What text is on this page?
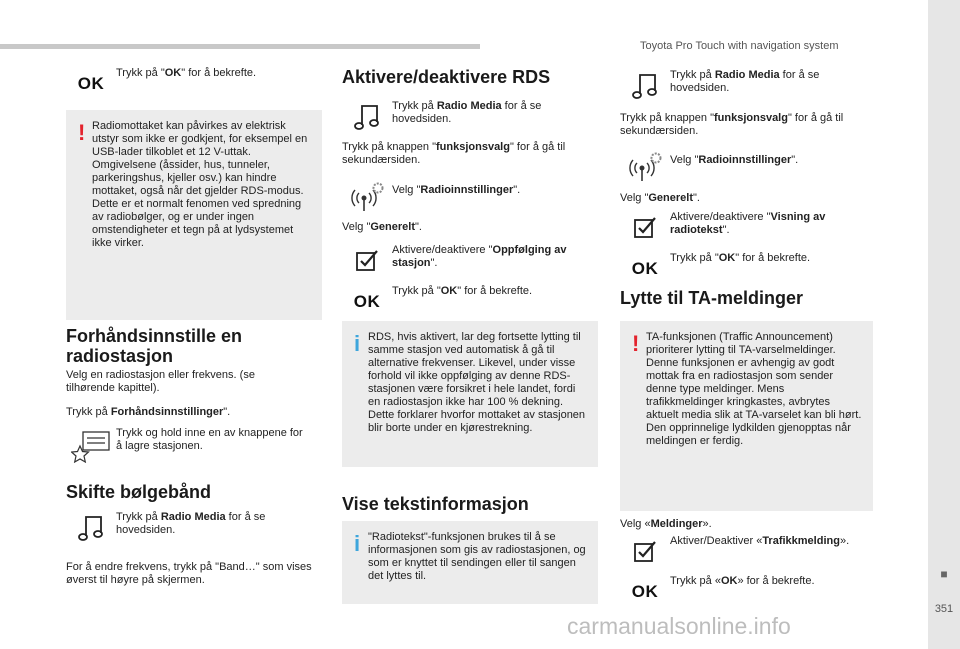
Toyota Pro Touch with navigation system
■
351
carmanualsonline.info
OK
Trykk på "OK" for å bekrefte.
! Radiomottaket kan påvirkes av elektrisk utstyr som ikke er godkjent, for eksempel en USB-lader tilkoblet et 12 V-uttak. Omgivelsene (åssider, hus, tunneler, parkeringshus, kjeller osv.) kan hindre mottaket, også når det gjelder RDS-modus. Dette er et normalt fenomen ved spredning av radiobølger, og er under ingen omstendigheter et tegn på at lydsystemet ikke virker.
Forhåndsinnstille en radiostasjon

Velg en radiostasjon eller frekvens. (se tilhørende kapittel).

Trykk på Forhåndsinnstillinger".

Trykk og hold inne en av knappene for å lagre stasjonen.
Skifte bølgebånd
Trykk på Radio Media for å se hovedsiden.

For å endre frekvens, trykk på "Band…" som vises øverst til høyre på skjermen.

Aktivere/deaktivere RDS
Trykk på Radio Media for å se hovedsiden.

Trykk på knappen "funksjonsvalg" for å gå til sekundærsiden.

Velg "Radioinnstillinger".

Velg "Generelt".

Aktivere/deaktivere "Oppfølging av stasjon".
OK
Trykk på "OK" for å bekrefte.
i RDS, hvis aktivert, lar deg fortsette lytting til samme stasjon ved automatisk å gå til alternative frekvenser. Likevel, under visse forhold vil ikke oppfølging av denne RDS-stasjonen være forsikret i hele landet, fordi en radiostasjon ikke har 100 % dekning. Dette forklarer hvorfor mottaket av stasjonen blir borte under en kjørestrekning.
Vise tekstinformasjon
i "Radiotekst"-funksjonen brukes til å se informasjonen som gis av radiostasjonen, og som er knyttet til sendingen eller til sangen det lyttes til.
Trykk på Radio Media for å se hovedsiden.

Trykk på knappen "funksjonsvalg" for å gå til sekundærsiden.

Velg "Radioinnstillinger".

Velg "Generelt".

Aktivere/deaktivere "Visning av radiotekst".
OK
Trykk på "OK" for å bekrefte.
Lytte til TA-meldinger
! TA-funksjonen (Traffic Announcement) prioriterer lytting til TA-varselmeldinger. Denne funksjonen er avhengig av godt mottak fra en radiostasjon som sender denne type meldinger. Mens trafikkmeldinger kringkastes, avbrytes aktuelt media slik at TA-varselet kan bli hørt. Den opprinnelige lydkilden gjenopptas når meldingen er ferdig.

Velg «Meldinger».

Aktiver/Deaktiver «Trafikkmelding».
OK
Trykk på «OK» for å bekrefte.
